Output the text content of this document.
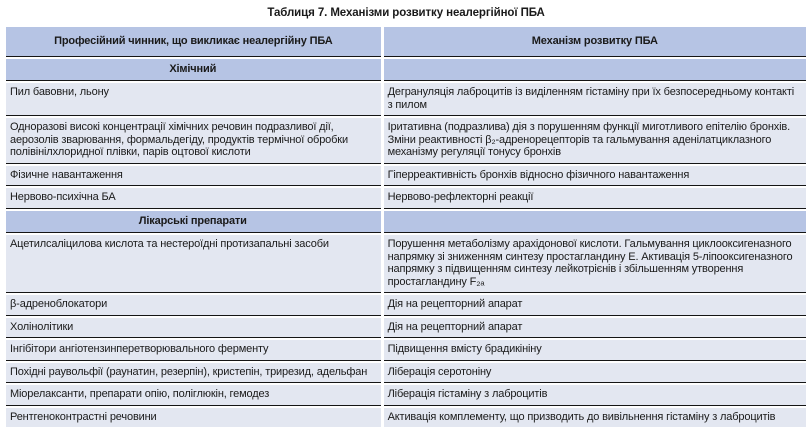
Таблиця 7. Механізми розвитку неалергійної ПБА
Професійний чинник, що викликає неалергійну ПБА	Механізм розвитку ПБА
Хімічний	
Пил бавовни, льону	Дегрануляція лаброцитів із виділенням гістаміну при їх безпосередньому контакті з пилом
Одноразові високі концентрації хімічних речовин подразливої дії, аерозолів зварювання, формальдегіду, продуктів термічної обробки полівінілхлоридної плівки, парів оцтової кислоти	Іритативна (подразлива) дія з порушенням функції миготливого епітелію бронхів. Зміни реактивності β₂-адренорецепторів та гальмування аденілатциклазного механізму регуляції тонусу бронхів
Фізичне навантаження	Гіперреактивність бронхів відносно фізичного навантаження
Нервово-психічна БА	Нервово-рефлекторні реакції
Лікарські препарати	
Ацетилсаліцилова кислота та нестероїдні протизапальні засоби	Порушення метаболізму арахідонової кислоти. Гальмування циклооксигеназного напрямку зі зниженням синтезу простагландину Е. Активація 5-ліпооксигеназного напрямку з підвищенням синтезу лейкотрієнів і збільшенням утворення простагландину F₂ₐ
β-адреноблокатори	Дія на рецепторний апарат
Холінолітики	Дія на рецепторний апарат
Інгібітори ангіотензинперетворювального ферменту	Підвищення вмісту брадикініну
Похідні раувольфії (раунатин, резерпін), кристепін, трирезид, адельфан	Ліберація серотоніну
Міорелаксанти, препарати опію, поліглюкін, гемодез	Ліберація гістаміну з лаброцитів
Рентгеноконтрастні речовини	Активація комплементу, що призводить до вивільнення гістаміну з лаброцитів
